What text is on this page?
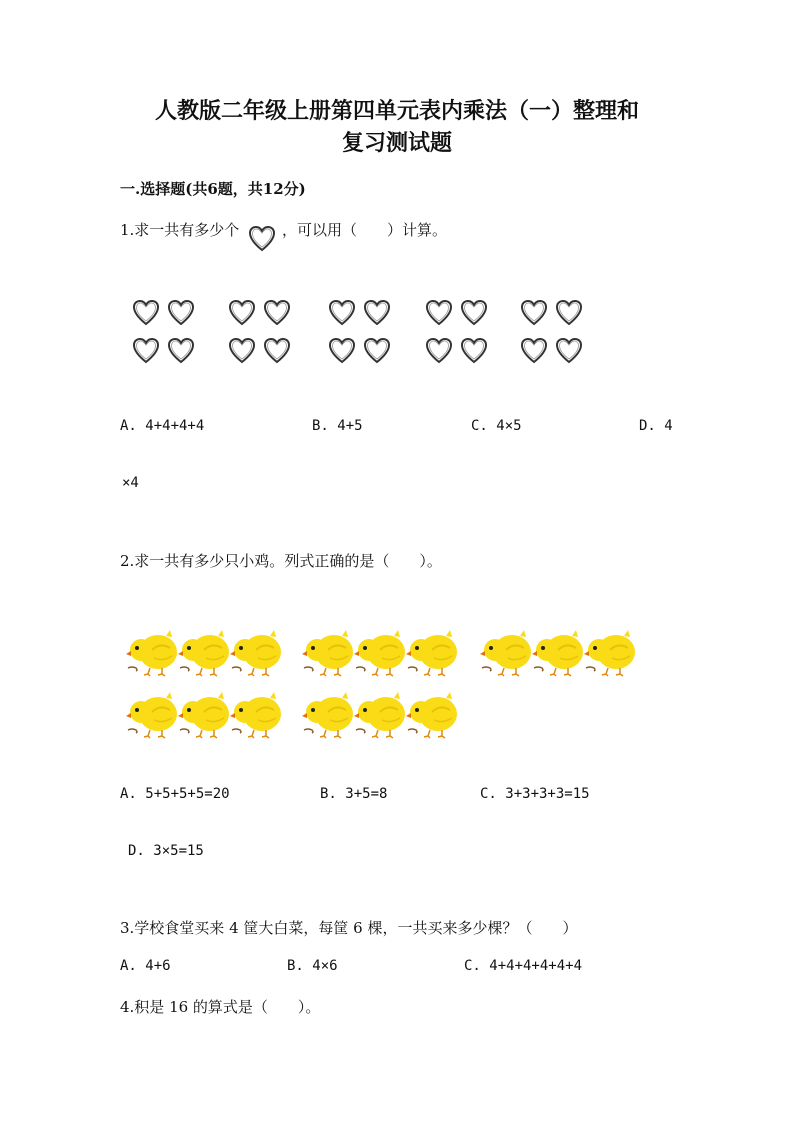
人教版二年级上册第四单元表内乘法（一）整理和
复习测试题
一.选择题(共6题，共12分)
1.求一共有多少个	，可以用（　　）计算。
A. 4+4+4+4	B. 4+5	C. 4×5	D. 4
×4
2.求一共有多少只小鸡。列式正确的是（　　）。
A. 5+5+5+5=20	B. 3+5=8	C. 3+3+3+3=15
D. 3×5=15
3.学校食堂买来 4 筐大白菜，每筐 6 棵，一共买来多少棵？（　　）
A. 4+6	B. 4×6	C. 4+4+4+4+4+4
4.积是 16 的算式是（　　）。
